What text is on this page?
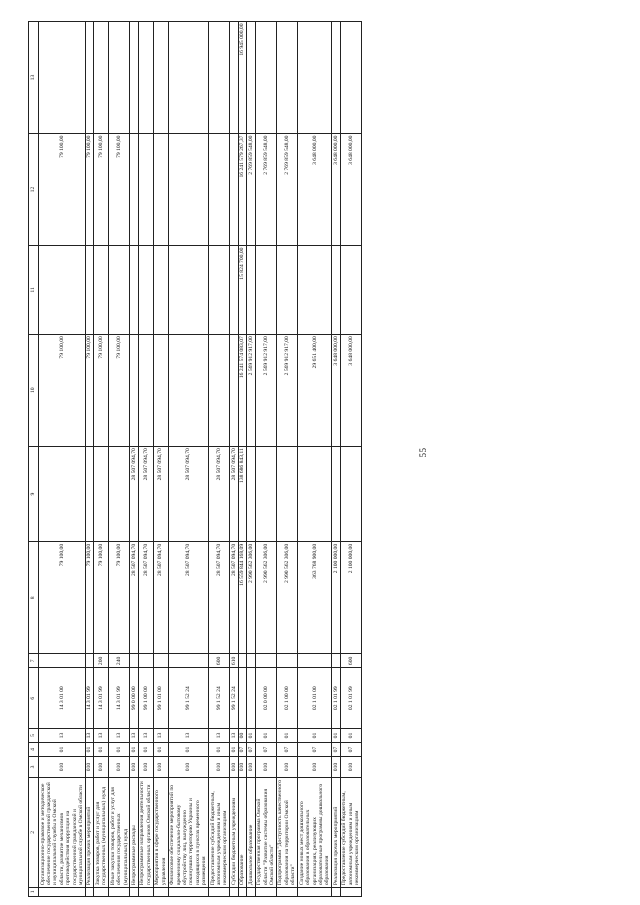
55
1	2	3	4	5	6	7	8	9	10	11	12	13
	Организационно-правовое и методическое обеспечение государственной гражданской и муниципальной службы в Омской области, развитие механизмов противодействия коррупции на государственной гражданской и муниципальной службе в Омской области	010	01	13	14 3 01 00		79 100,00		79 100,00		79 100,00	
	Реализация прочих мероприятий	010	01	13	14 3 01 99		79 100,00		79 100,00		79 100,00	
	Закупка товаров, работ и услуг для государственных (муниципальных) нужд	010	01	13	14 3 01 99	200	79 100,00		79 100,00		79 100,00	
	Иные закупки товаров, работ и услуг для обеспечения государственных (муниципальных) нужд	010	01	13	14 3 01 99	240	79 100,00		79 100,00		79 100,00	
	Непрограммные расходы	010	01	13	99 0 00 00		28 507 094,70	28 507 094,70				
	Непрограммные направления деятельности государственных органов Омской области	010	01	13	99 1 00 00		28 507 094,70	28 507 094,70				
	Мероприятия в сфере государственного управления	010	01	13	99 1 01 00		28 507 094,70	28 507 094,70				
	Финансовое обеспечение мероприятий по временному социально-бытовому обустройству лиц, вынужденно покинувших территорию Украины и находящихся в пунктах временного размещения	010	01	13	99 1 52 24		28 507 094,70	28 507 094,70				
	Предоставление субсидий бюджетным, автономным учреждениям и иным некоммерческим организациям	010	01	13	99 1 52 24	600	28 507 094,70	28 507 094,70				
	Субсидии бюджетным учреждениям	010	01	13	99 1 52 24	610	28 507 094,70	28 507 094,70				
	Образование	010	07	00			16 559 844 168,09	138 686 843,11	16 241 574 083,07	15 824 700,00	16 241 579 267,37	16 945 000,00
	Дошкольное образование	010	07	01			2 990 562 306,00		2 569 912 917,00		2 769 859 548,00	
	Государственная программа Омской области "Развитие системы образования Омской области"	010	07	01	02 0 00 00		2 990 562 306,00		2 569 912 917,00		2 769 859 548,00	
	Подпрограмма "Доступность качественного образования на территории Омской области"	010	07	01	02 1 00 00		2 990 562 306,00		2 569 912 917,00		2 769 859 548,00	
	Создание новых мест дошкольного образования в образовательных организациях, реализующих образовательные программы дошкольного образования	010	07	01	02 1 01 00		363 768 900,00		29 651 400,00		3 648 000,00	
	Реализация прочих мероприятий	010	07	01	02 1 01 99		2 100 000,00		3 648 000,00		3 648 000,00	
	Предоставление субсидий бюджетным, автономным учреждениям и иным некоммерческим организациям	010	07	01	02 1 01 99	600	2 100 000,00		3 648 000,00		3 648 000,00	
